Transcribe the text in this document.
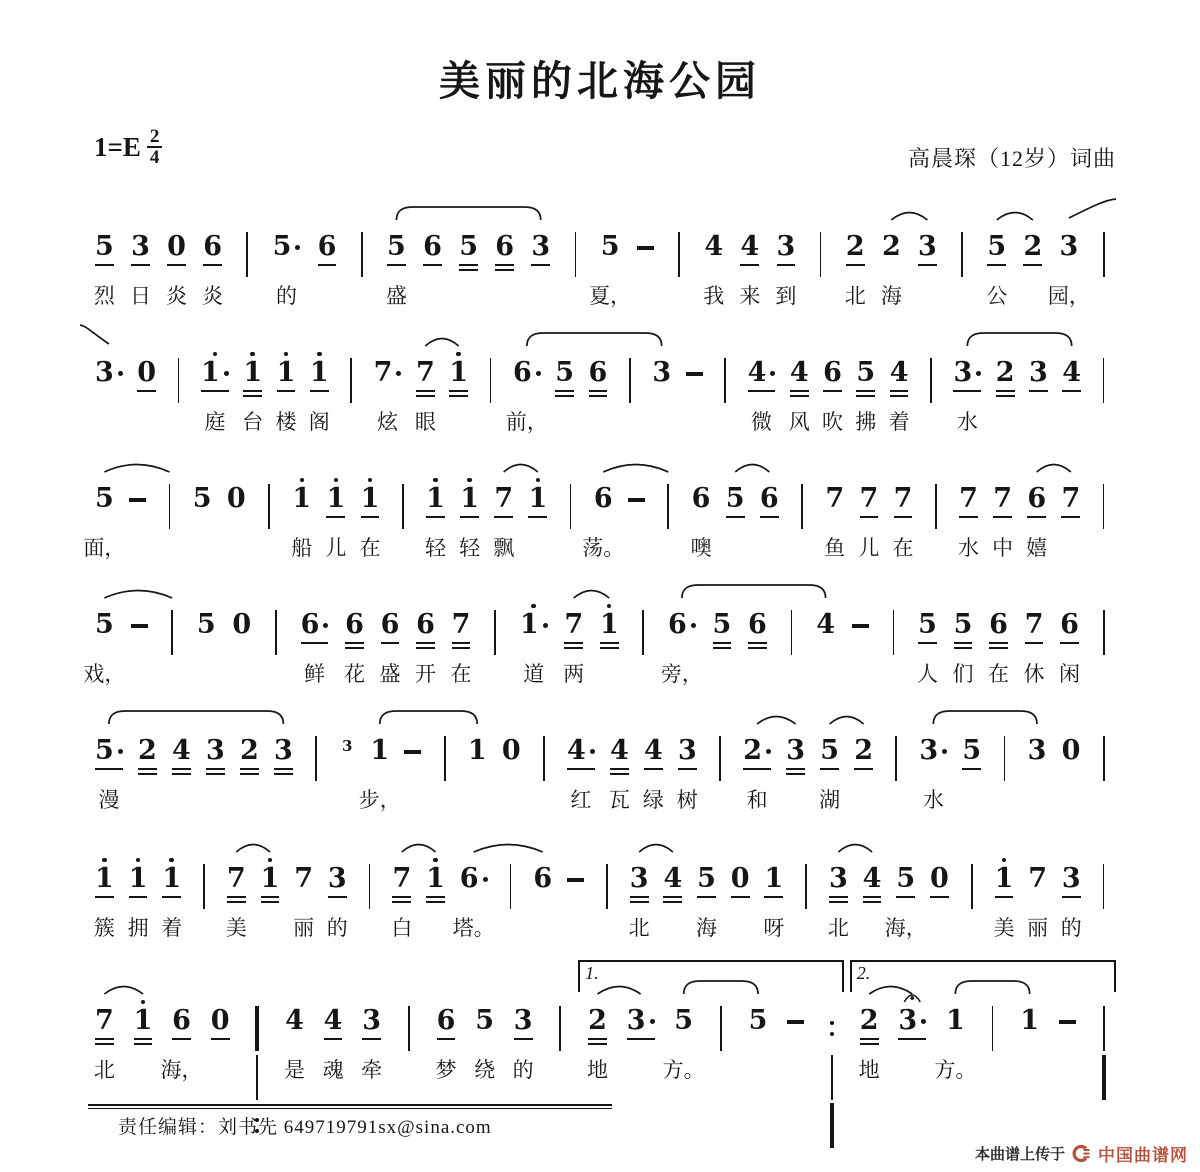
美丽的北海公园
1= E $\frac{2}{4}$	高晨琛（12岁）词曲
5
烈
3
日
0
炎
6
炎
5
的
6 5
盛
6 5 6 3 5
夏，
4
我
4
来
3
到
2
北
2
海
3 5
公
2 3
园，
3 0 1
庭
1
台
1
楼
1
阁
7
炫
7
眼
1 6
前，
5 6 3	4
微
4
风
6
吹
5
拂
4
着
3
水
2 3 4
5
面，
5 0 1
船
1
儿
1
在
1
轻
1
轻
7
飘
1 6
荡。
6
噢
5 6 7
鱼
7
儿
7
在
7
水
7
中
6
嬉
7
5
戏，
5 0 6
鲜
6
花
6
盛
6
开
7
在
1
道
7
两
1 6
旁，
5 6 4	5
人
5
们
6
在
7
休
6
闲
5
漫
2 4 3 2 3	3 1
步，
1 0 4
红
4
瓦
4
绿
3
树
2
和
3 5
湖
2 3
水
5 3 0
1
簇
1
拥
1
着
7
美
1 7
丽
3
的
7
白
1 6
塔。
6	3
北
4 5
海
0 1
呀
3
北
4 5
海，
0 1
美
7
丽
3
的
7
北
1 6
海，
0 4
是
4
魂
3
牵
6
梦
5
绕
3
的
2
地
3	5
方。
5	2
地
3	1
方。
1
1.	2.
责任编辑：刘书先 649719791sx@sina.com
本曲谱上传于 中国曲谱网
